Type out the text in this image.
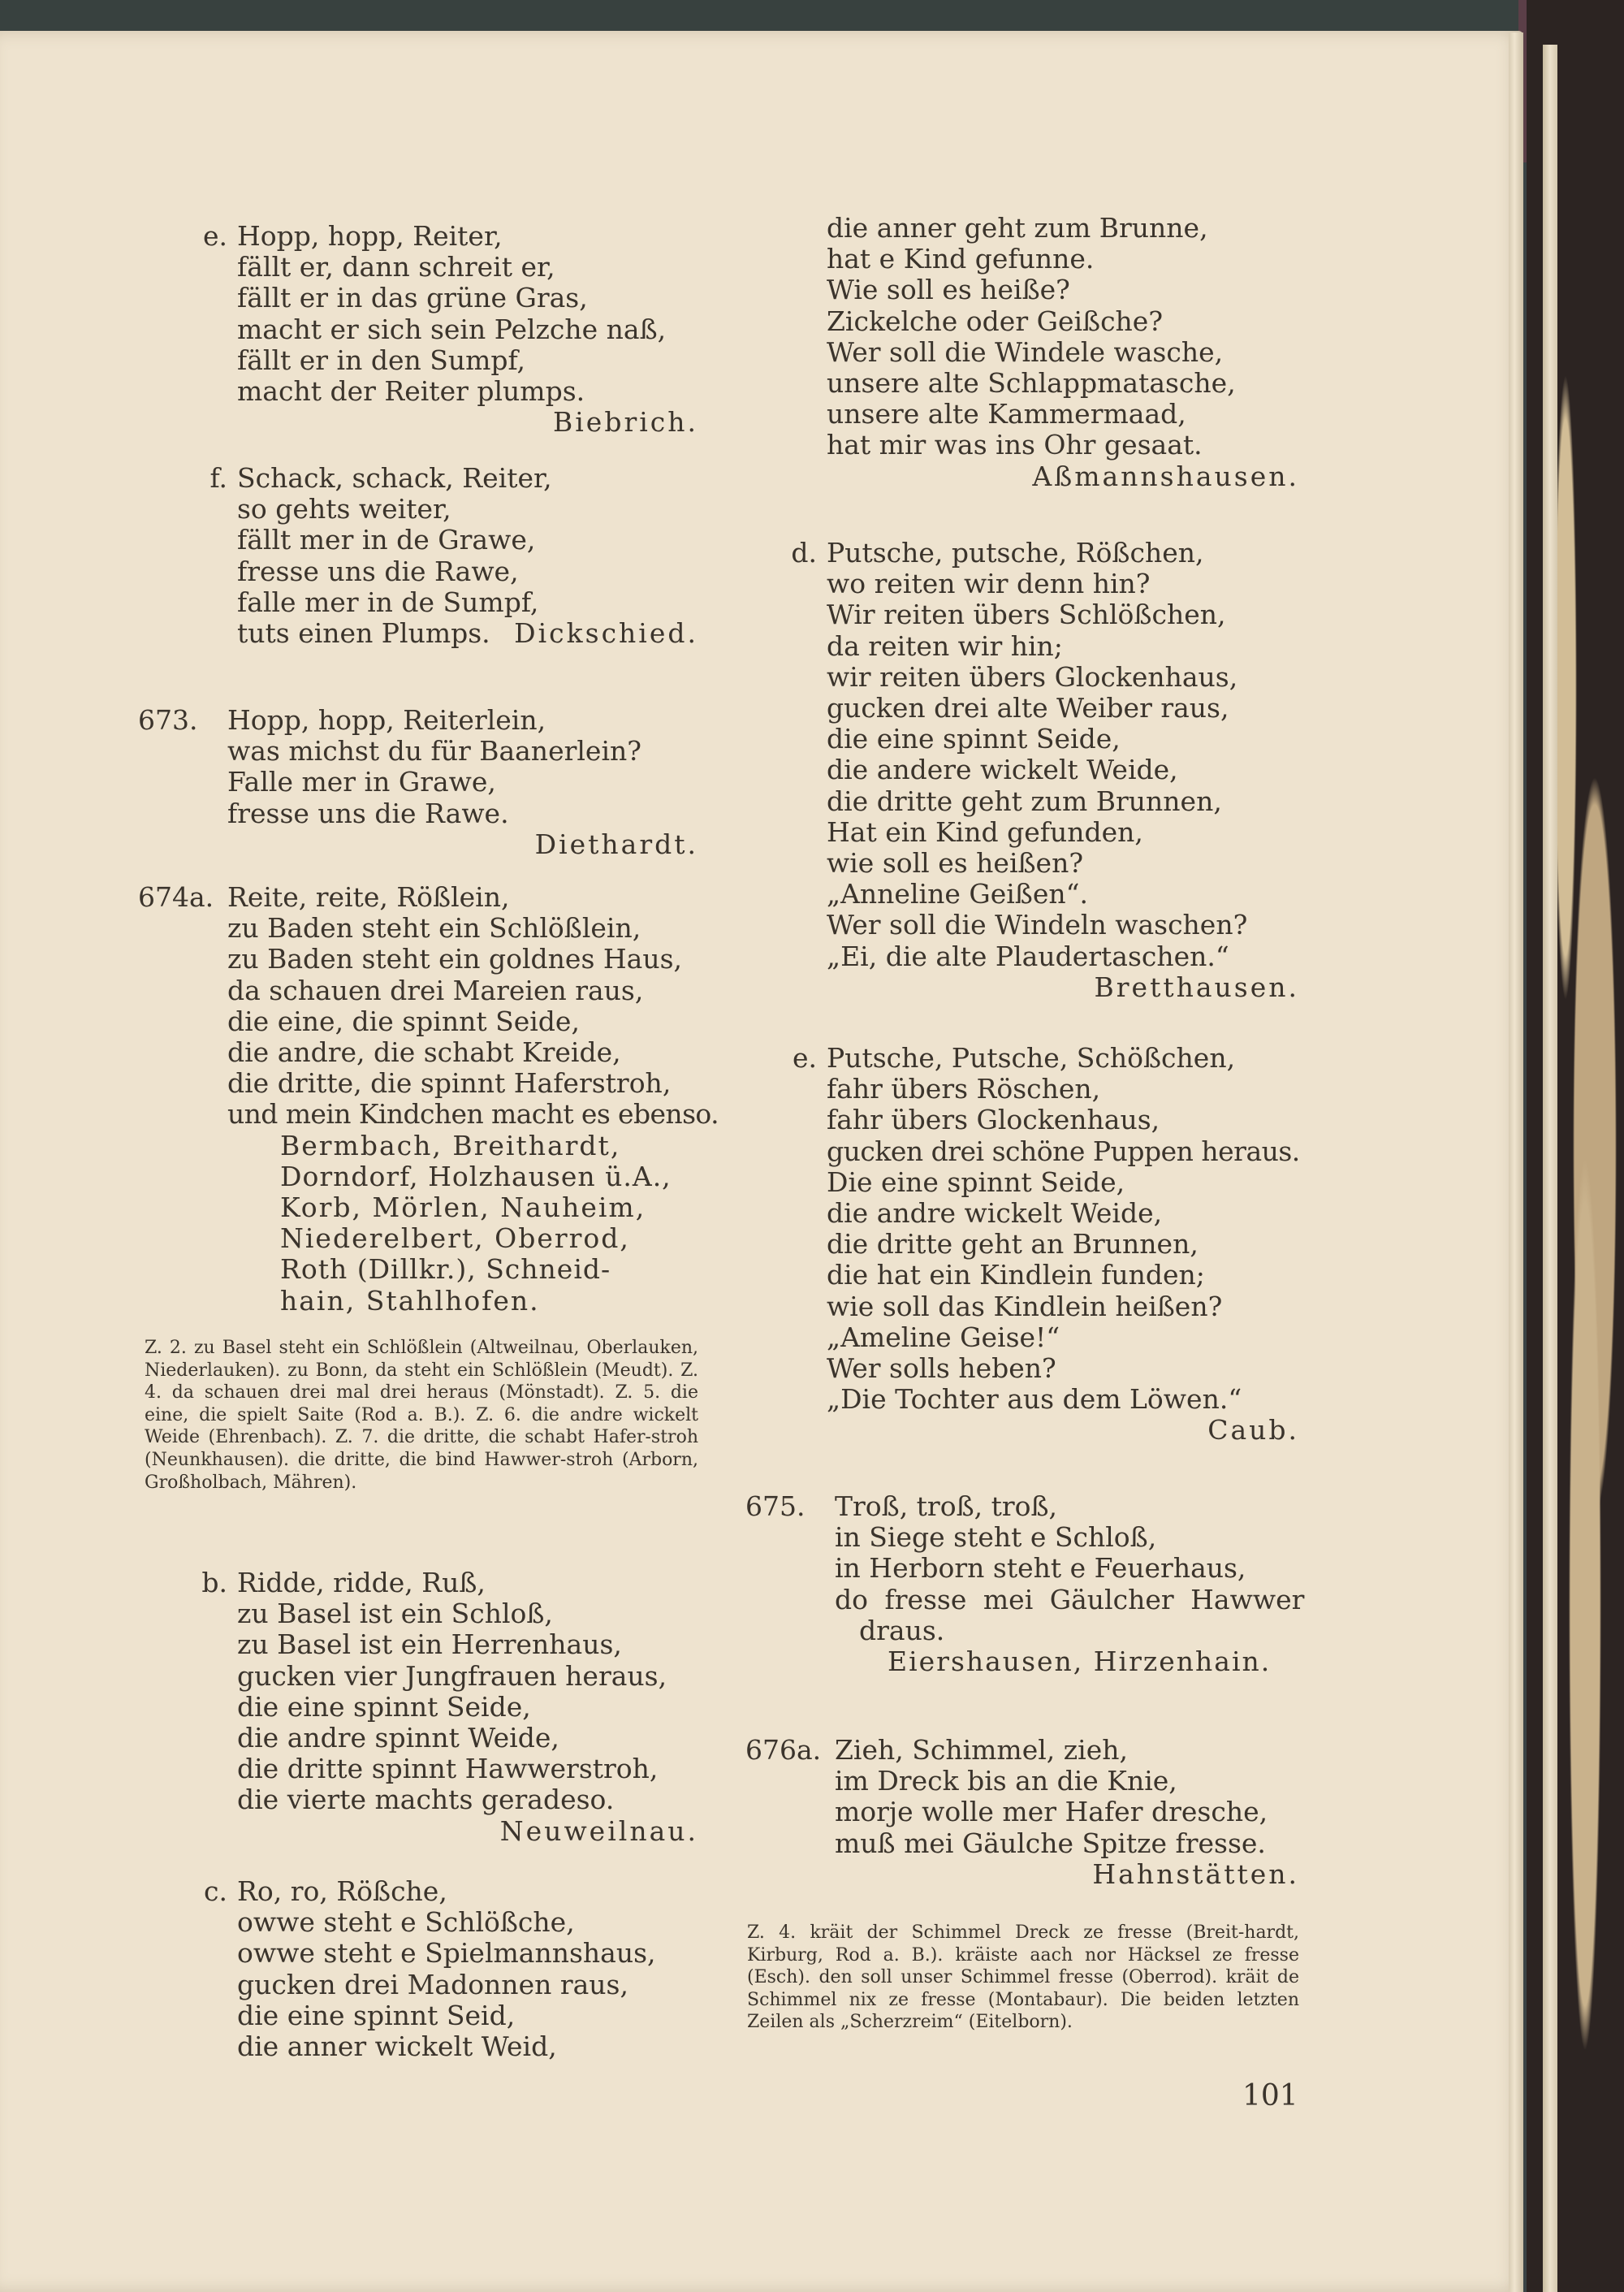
e. Hopp, hopp, Reiter,
fällt er, dann schreit er,
fällt er in das grüne Gras,
macht er sich sein Pelzche naß,
fällt er in den Sumpf,
macht der Reiter plumps.
Biebrich.
f. Schack, schack, Reiter,
so gehts weiter,
fällt mer in de Grawe,
fresse uns die Rawe,
falle mer in de Sumpf,
tuts einen Plumps. Dickschied.
673. Hopp, hopp, Reiterlein,
was michst du für Baanerlein?
Falle mer in Grawe,
fresse uns die Rawe.
Diethardt.
674a. Reite, reite, Rößlein,
zu Baden steht ein Schlößlein,
zu Baden steht ein goldnes Haus,
da schauen drei Mareien raus,
die eine, die spinnt Seide,
die andre, die schabt Kreide,
die dritte, die spinnt Haferstroh,
und mein Kindchen macht es ebenso.
Bermbach, Breithardt,
Dorndorf, Holzhausen ü.A.,
Korb, Mörlen, Nauheim,
Niederelbert, Oberrod,
Roth (Dillkr.), Schneid-
hain, Stahlhofen.
Z. 2. zu Basel steht ein Schlößlein (Altweilnau, Oberlauken, Niederlauken). zu Bonn, da steht ein Schlößlein (Meudt). Z. 4. da schauen drei mal drei heraus (Mönstadt). Z. 5. die eine, die spielt Saite (Rod a. B.). Z. 6. die andre wickelt Weide (Ehrenbach). Z. 7. die dritte, die schabt Hafer-stroh (Neunkhausen). die dritte, die bind Hawwer-stroh (Arborn, Großholbach, Mähren).
b. Ridde, ridde, Ruß,
zu Basel ist ein Schloß,
zu Basel ist ein Herrenhaus,
gucken vier Jungfrauen heraus,
die eine spinnt Seide,
die andre spinnt Weide,
die dritte spinnt Hawwerstroh,
die vierte machts geradeso.
Neuweilnau.
c. Ro, ro, Rößche,
owwe steht e Schlößche,
owwe steht e Spielmannshaus,
gucken drei Madonnen raus,
die eine spinnt Seid,
die anner wickelt Weid,
die anner geht zum Brunne,
hat e Kind gefunne.
Wie soll es heiße?
Zickelche oder Geißche?
Wer soll die Windele wasche,
unsere alte Schlappmatasche,
unsere alte Kammermaad,
hat mir was ins Ohr gesaat.
Aßmannshausen.
d. Putsche, putsche, Rößchen,
wo reiten wir denn hin?
Wir reiten übers Schlößchen,
da reiten wir hin;
wir reiten übers Glockenhaus,
gucken drei alte Weiber raus,
die eine spinnt Seide,
die andere wickelt Weide,
die dritte geht zum Brunnen,
Hat ein Kind gefunden,
wie soll es heißen?
„Anneline Geißen“.
Wer soll die Windeln waschen?
„Ei, die alte Plaudertaschen.“
Bretthausen.
e. Putsche, Putsche, Schößchen,
fahr übers Röschen,
fahr übers Glockenhaus,
gucken drei schöne Puppen heraus.
Die eine spinnt Seide,
die andre wickelt Weide,
die dritte geht an Brunnen,
die hat ein Kindlein funden;
wie soll das Kindlein heißen?
„Ameline Geise!“
Wer solls heben?
„Die Tochter aus dem Löwen.“
Caub.
675. Troß, troß, troß,
in Siege steht e Schloß,
in Herborn steht e Feuerhaus,
do fresse mei Gäulcher Hawwer
draus.
Eiershausen, Hirzenhain.
676a. Zieh, Schimmel, zieh,
im Dreck bis an die Knie,
morje wolle mer Hafer dresche,
muß mei Gäulche Spitze fresse.
Hahnstätten.
Z. 4. kräit der Schimmel Dreck ze fresse (Breit-hardt, Kirburg, Rod a. B.). kräiste aach nor Häcksel ze fresse (Esch). den soll unser Schimmel fresse (Oberrod). kräit de Schimmel nix ze fresse (Montabaur). Die beiden letzten Zeilen als „Scherzreim“ (Eitelborn).
101
